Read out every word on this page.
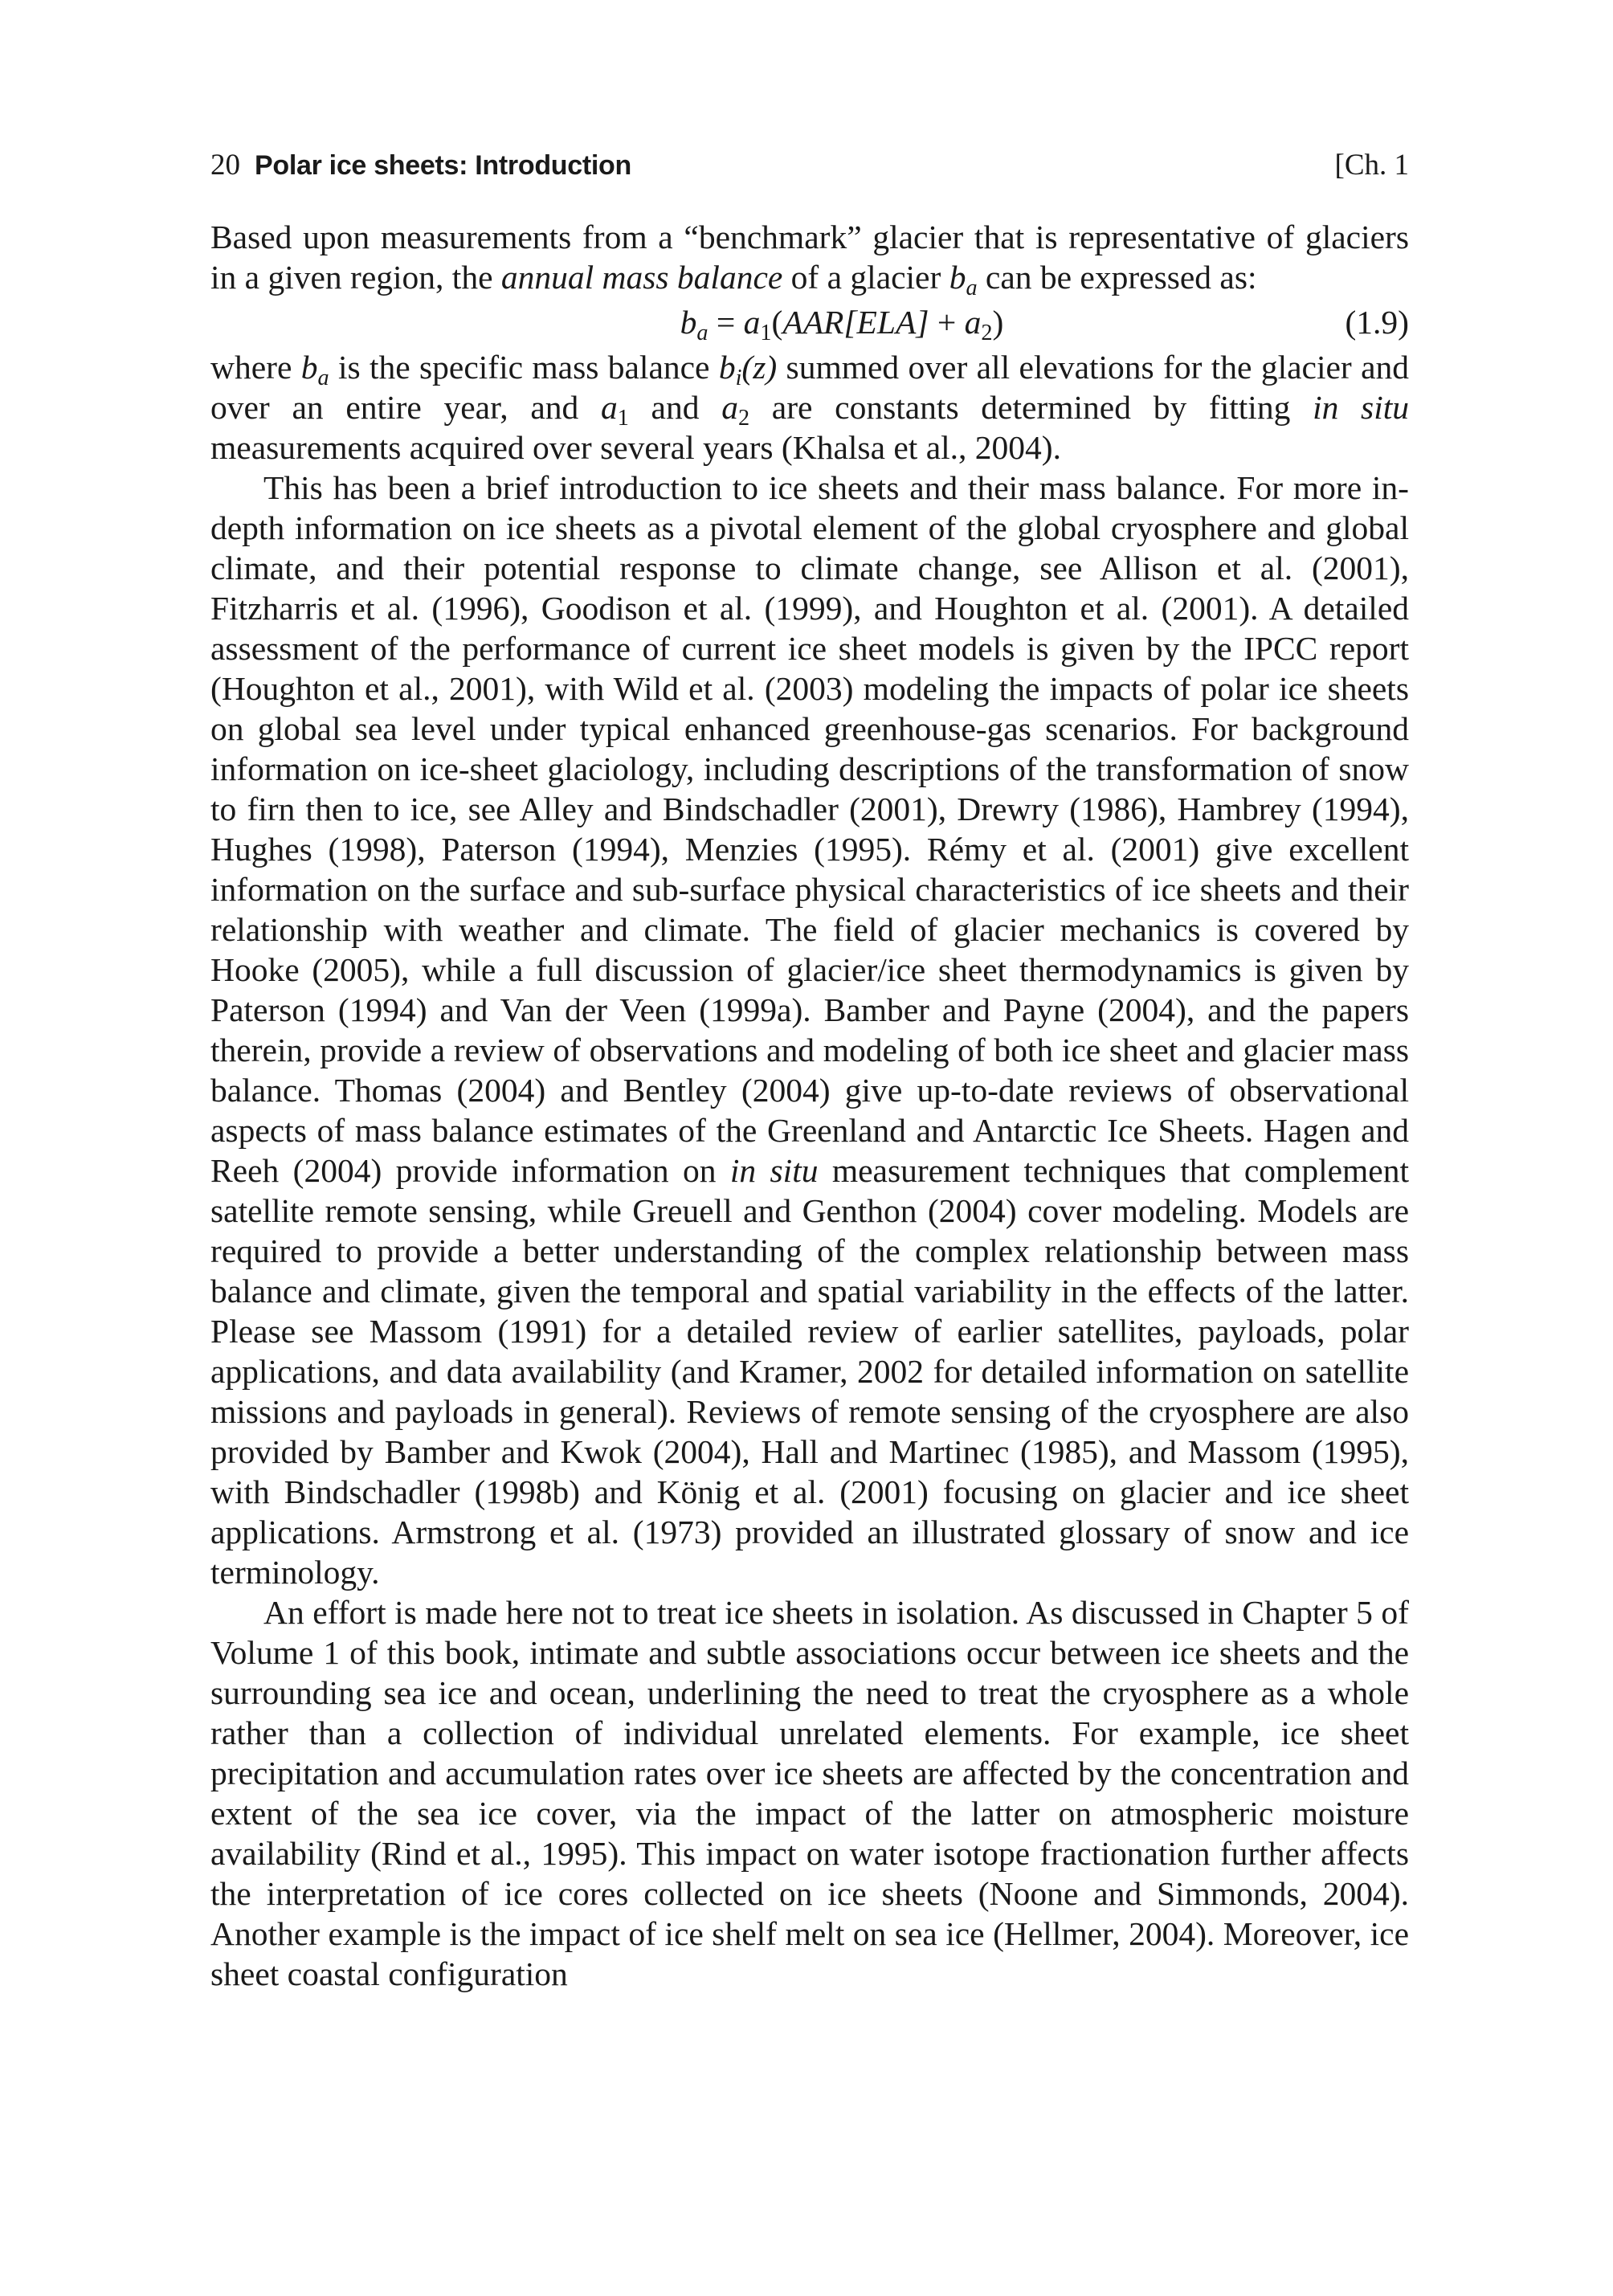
20 Polar ice sheets: Introduction	[Ch. 1

Based upon measurements from a “benchmark” glacier that is representative of glaciers in a given region, the annual mass balance of a glacier $b_a$ can be expressed as:

$b_a = a_1(AAR[ELA] + a_2)$	(1.9)

where $b_a$ is the specific mass balance $b_i(z)$ summed over all elevations for the glacier and over an entire year, and $a_1$ and $a_2$ are constants determined by fitting in situ measurements acquired over several years (Khalsa et al., 2004).

This has been a brief introduction to ice sheets and their mass balance. For more in-depth information on ice sheets as a pivotal element of the global cryosphere and global climate, and their potential response to climate change, see Allison et al. (2001), Fitzharris et al. (1996), Goodison et al. (1999), and Houghton et al. (2001). A detailed assessment of the performance of current ice sheet models is given by the IPCC report (Houghton et al., 2001), with Wild et al. (2003) modeling the impacts of polar ice sheets on global sea level under typical enhanced greenhouse-gas scenarios. For background information on ice-sheet glaciology, including descriptions of the transformation of snow to firn then to ice, see Alley and Bindschadler (2001), Drewry (1986), Hambrey (1994), Hughes (1998), Paterson (1994), Menzies (1995). Rémy et al. (2001) give excellent information on the surface and sub-surface physical characteristics of ice sheets and their relationship with weather and climate. The field of glacier mechanics is covered by Hooke (2005), while a full discussion of glacier/ice sheet thermodynamics is given by Paterson (1994) and Van der Veen (1999a). Bamber and Payne (2004), and the papers therein, provide a review of observations and modeling of both ice sheet and glacier mass balance. Thomas (2004) and Bentley (2004) give up-to-date reviews of observational aspects of mass balance estimates of the Greenland and Antarctic Ice Sheets. Hagen and Reeh (2004) provide information on in situ measurement techniques that complement satellite remote sensing, while Greuell and Genthon (2004) cover modeling. Models are required to provide a better understanding of the complex relationship between mass balance and climate, given the temporal and spatial variability in the effects of the latter. Please see Massom (1991) for a detailed review of earlier satellites, payloads, polar applications, and data availability (and Kramer, 2002 for detailed information on satellite missions and payloads in general). Reviews of remote sensing of the cryosphere are also provided by Bamber and Kwok (2004), Hall and Martinec (1985), and Massom (1995), with Bindschadler (1998b) and König et al. (2001) focusing on glacier and ice sheet applications. Armstrong et al. (1973) provided an illustrated glossary of snow and ice terminology.

An effort is made here not to treat ice sheets in isolation. As discussed in Chapter 5 of Volume 1 of this book, intimate and subtle associations occur between ice sheets and the surrounding sea ice and ocean, underlining the need to treat the cryosphere as a whole rather than a collection of individual unrelated elements. For example, ice sheet precipitation and accumulation rates over ice sheets are affected by the concentration and extent of the sea ice cover, via the impact of the latter on atmospheric moisture availability (Rind et al., 1995). This impact on water isotope fractionation further affects the interpretation of ice cores collected on ice sheets (Noone and Simmonds, 2004). Another example is the impact of ice shelf melt on sea ice (Hellmer, 2004). Moreover, ice sheet coastal configuration
